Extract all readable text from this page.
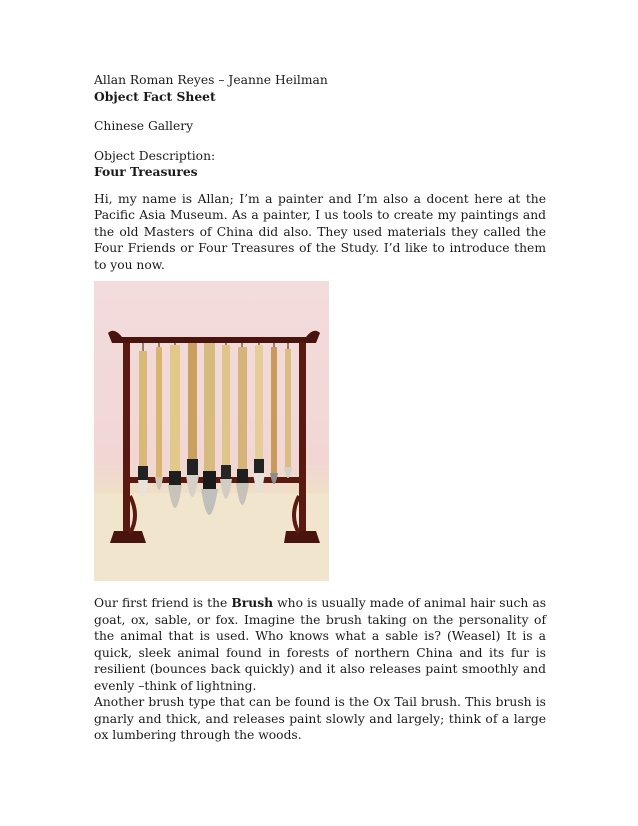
Allan Roman Reyes – Jeanne Heilman
Object Fact Sheet
Chinese Gallery
Object Description:
Four Treasures

Hi, my name is Allan; I’m a painter and I’m also a docent here at the Pacific Asia Museum. As a painter, I us tools to create my paintings and the old Masters of China did also. They used materials they called the Four Friends or Four Treasures of the Study. I’d like to introduce them to you now.

Our first friend is the Brush who is usually made of animal hair such as goat, ox, sable, or fox. Imagine the brush taking on the personality of the animal that is used. Who knows what a sable is? (Weasel) It is a quick, sleek animal found in forests of northern China and its fur is resilient (bounces back quickly) and it also releases paint smoothly and evenly –think of lightning.

Another brush type that can be found is the Ox Tail brush. This brush is gnarly and thick, and releases paint slowly and largely; think of a large ox lumbering through the woods.
